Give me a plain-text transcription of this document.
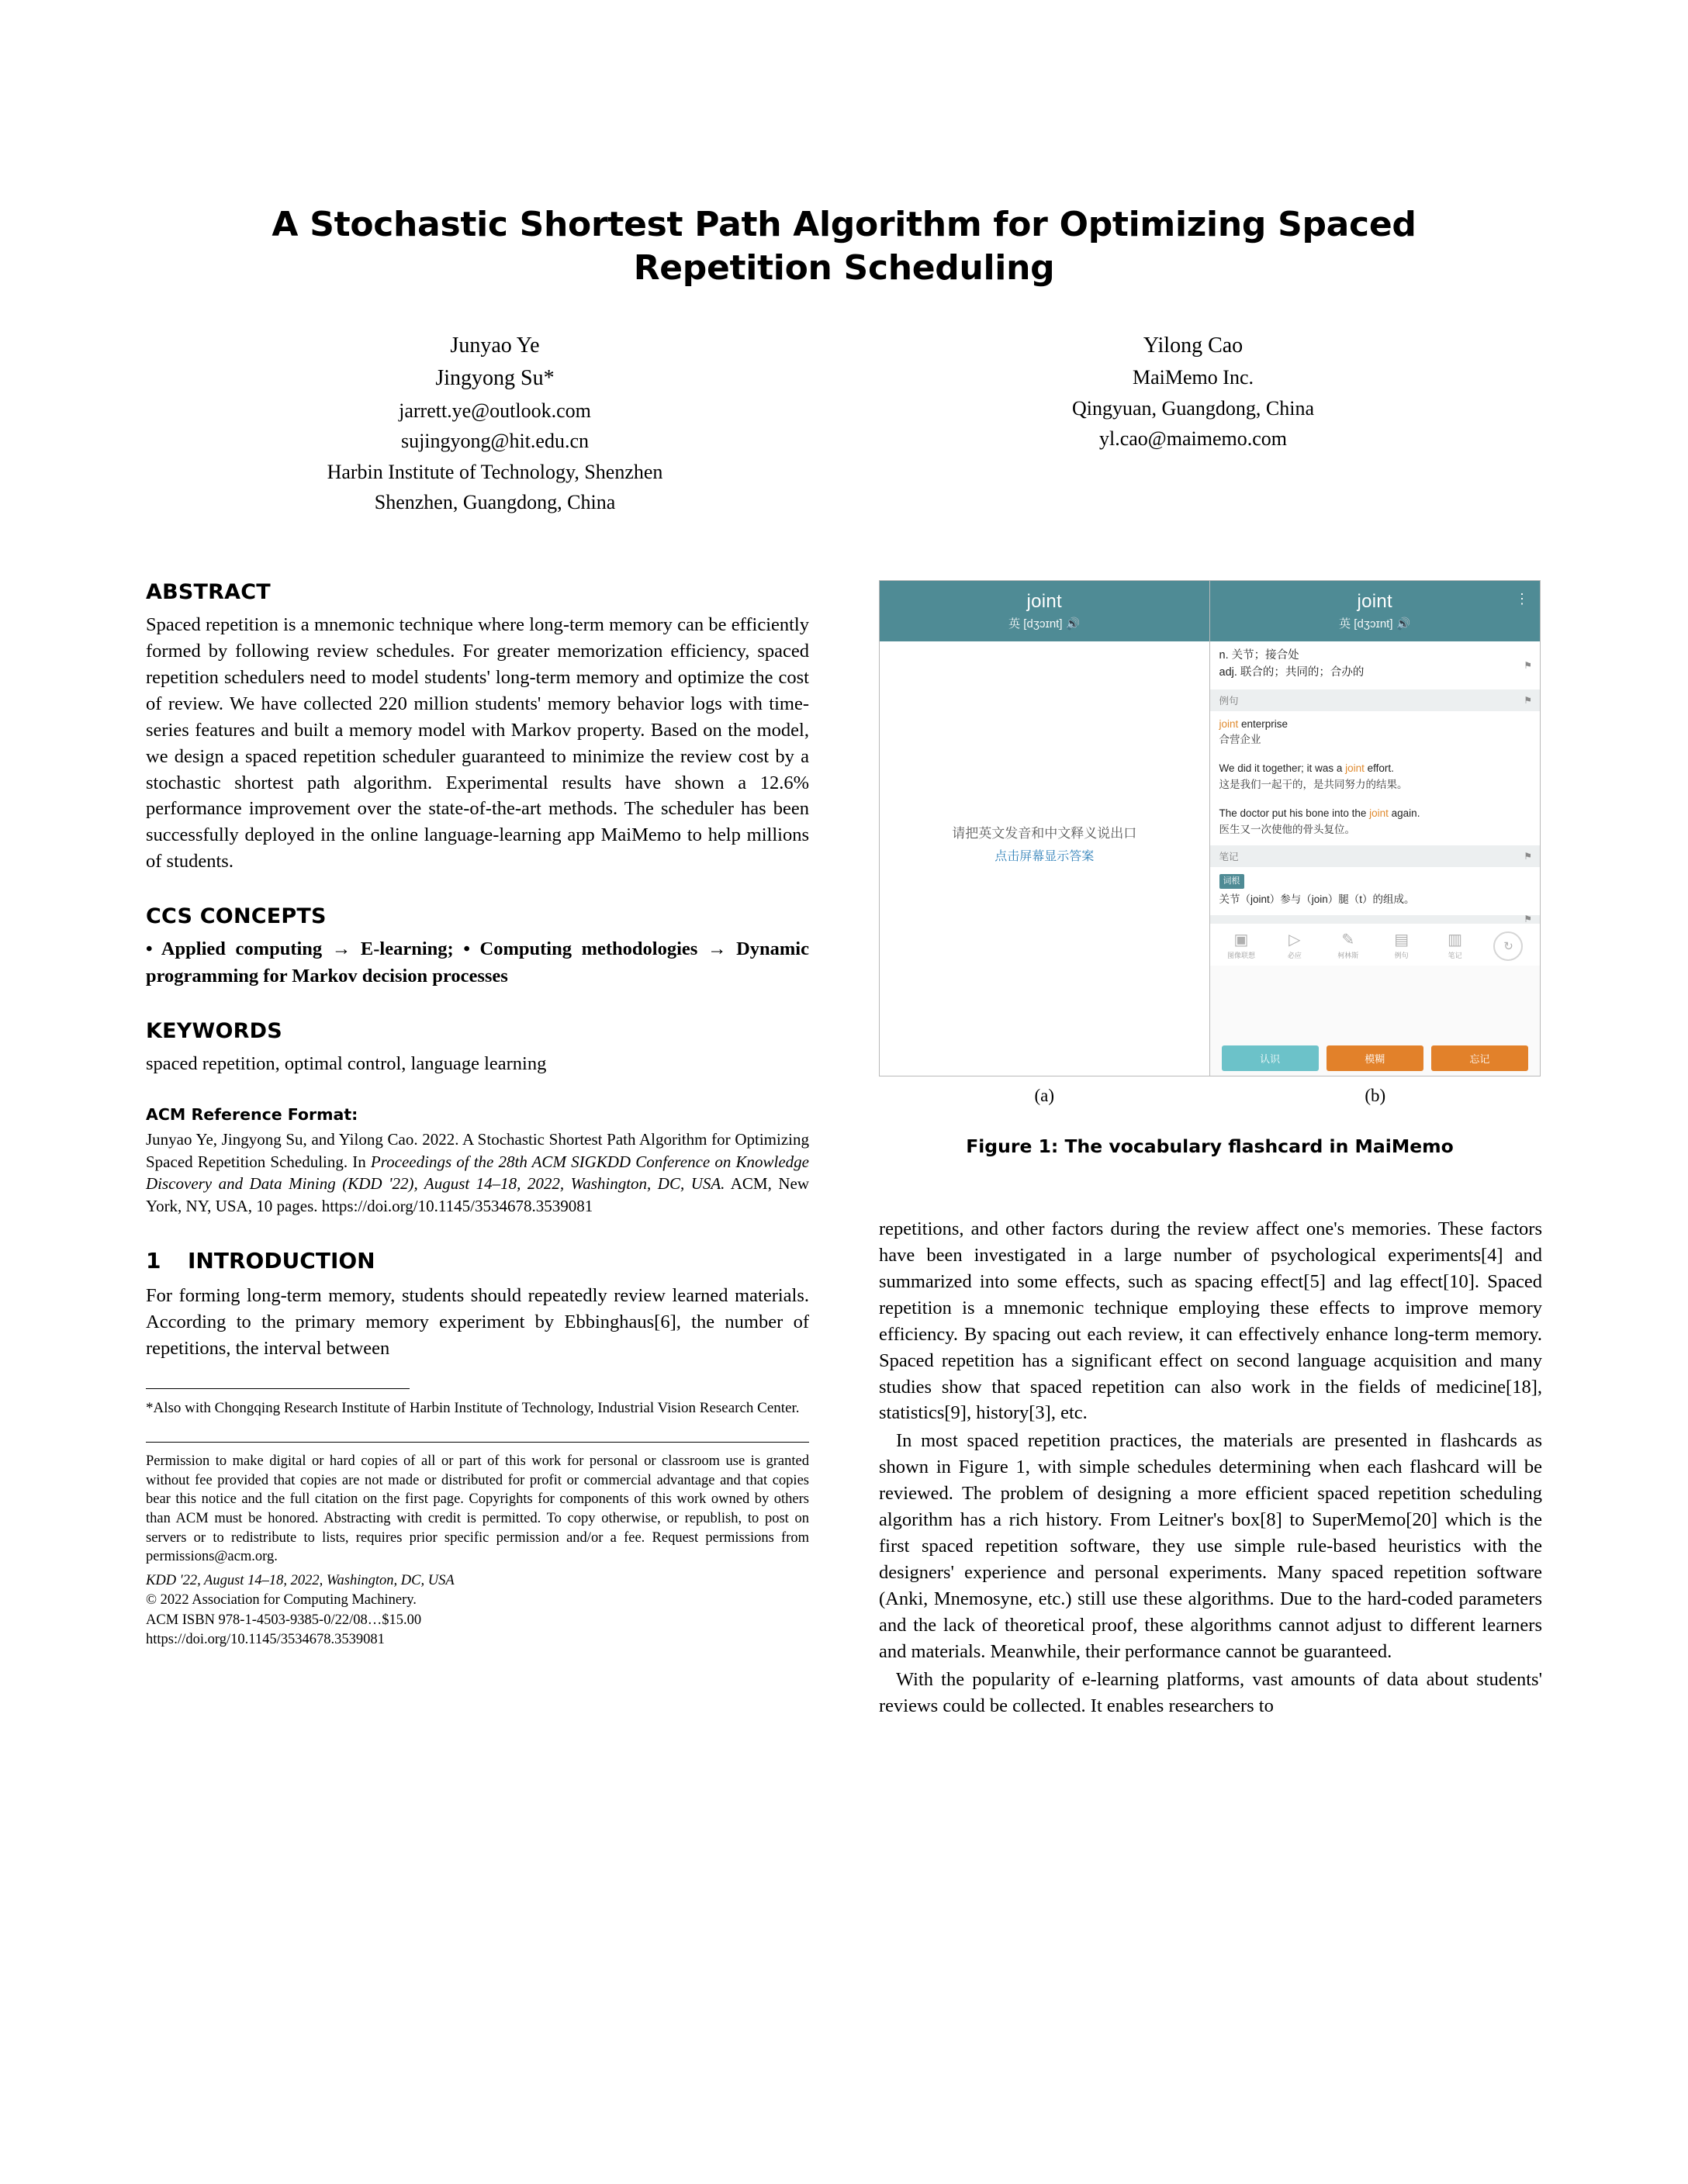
A Stochastic Shortest Path Algorithm for Optimizing Spaced Repetition Scheduling
Junyao Ye
Jingyong Su*
jarrett.ye@outlook.com
sujingyong@hit.edu.cn
Harbin Institute of Technology, Shenzhen
Shenzhen, Guangdong, China
Yilong Cao
MaiMemo Inc.
Qingyuan, Guangdong, China
yl.cao@maimemo.com
ABSTRACT

Spaced repetition is a mnemonic technique where long-term memory can be efficiently formed by following review schedules. For greater memorization efficiency, spaced repetition schedulers need to model students' long-term memory and optimize the cost of review. We have collected 220 million students' memory behavior logs with time-series features and built a memory model with Markov property. Based on the model, we design a spaced repetition scheduler guaranteed to minimize the review cost by a stochastic shortest path algorithm. Experimental results have shown a 12.6% performance improvement over the state-of-the-art methods. The scheduler has been successfully deployed in the online language-learning app MaiMemo to help millions of students.

CCS CONCEPTS

• Applied computing → E-learning; • Computing methodologies → Dynamic programming for Markov decision processes

KEYWORDS

spaced repetition, optimal control, language learning

ACM Reference Format:

Junyao Ye, Jingyong Su, and Yilong Cao. 2022. A Stochastic Shortest Path Algorithm for Optimizing Spaced Repetition Scheduling. In Proceedings of the 28th ACM SIGKDD Conference on Knowledge Discovery and Data Mining (KDD '22), August 14–18, 2022, Washington, DC, USA. ACM, New York, NY, USA, 10 pages. https://doi.org/10.1145/3534678.3539081

1	INTRODUCTION

For forming long-term memory, students should repeatedly review learned materials. According to the primary memory experiment by Ebbinghaus[6], the number of repetitions, the interval between

*Also with Chongqing Research Institute of Harbin Institute of Technology, Industrial Vision Research Center.

Permission to make digital or hard copies of all or part of this work for personal or classroom use is granted without fee provided that copies are not made or distributed for profit or commercial advantage and that copies bear this notice and the full citation on the first page. Copyrights for components of this work owned by others than ACM must be honored. Abstracting with credit is permitted. To copy otherwise, or republish, to post on servers or to redistribute to lists, requires prior specific permission and/or a fee. Request permissions from permissions@acm.org.

KDD '22, August 14–18, 2022, Washington, DC, USA
© 2022 Association for Computing Machinery.
ACM ISBN 978-1-4503-9385-0/22/08…$15.00
https://doi.org/10.1145/3534678.3539081
joint
英 [dʒɔɪnt] 🔊
请把英文发音和中文释义说出口
点击屏幕显示答案
⋮
joint
英 [dʒɔɪnt] 🔊
⚑
n. 关节；接合处
adj. 联合的；共同的；合办的
例句	⚑
joint enterprise
合营企业
We did it together; it was a joint effort.
这是我们一起干的，是共同努力的结果。
The doctor put his bone into the joint again.
医生又一次使他的骨头复位。
笔记	⚑
词根
关节（joint）参与（join）腿（t）的组成。
⚑
▣
图像联想
▷
必应
✎
柯林斯
▤
例句
▥
笔记
↻
认识	模糊	忘记
(a)	(b)
Figure 1: The vocabulary flashcard in MaiMemo

repetitions, and other factors during the review affect one's memories. These factors have been investigated in a large number of psychological experiments[4] and summarized into some effects, such as spacing effect[5] and lag effect[10]. Spaced repetition is a mnemonic technique employing these effects to improve memory efficiency. By spacing out each review, it can effectively enhance long-term memory. Spaced repetition has a significant effect on second language acquisition and many studies show that spaced repetition can also work in the fields of medicine[18], statistics[9], history[3], etc.

In most spaced repetition practices, the materials are presented in flashcards as shown in Figure 1, with simple schedules determining when each flashcard will be reviewed. The problem of designing a more efficient spaced repetition scheduling algorithm has a rich history. From Leitner's box[8] to SuperMemo[20] which is the first spaced repetition software, they use simple rule-based heuristics with the designers' experience and personal experiments. Many spaced repetition software (Anki, Mnemosyne, etc.) still use these algorithms. Due to the hard-coded parameters and the lack of theoretical proof, these algorithms cannot adjust to different learners and materials. Meanwhile, their performance cannot be guaranteed.

With the popularity of e-learning platforms, vast amounts of data about students' reviews could be collected. It enables researchers to
